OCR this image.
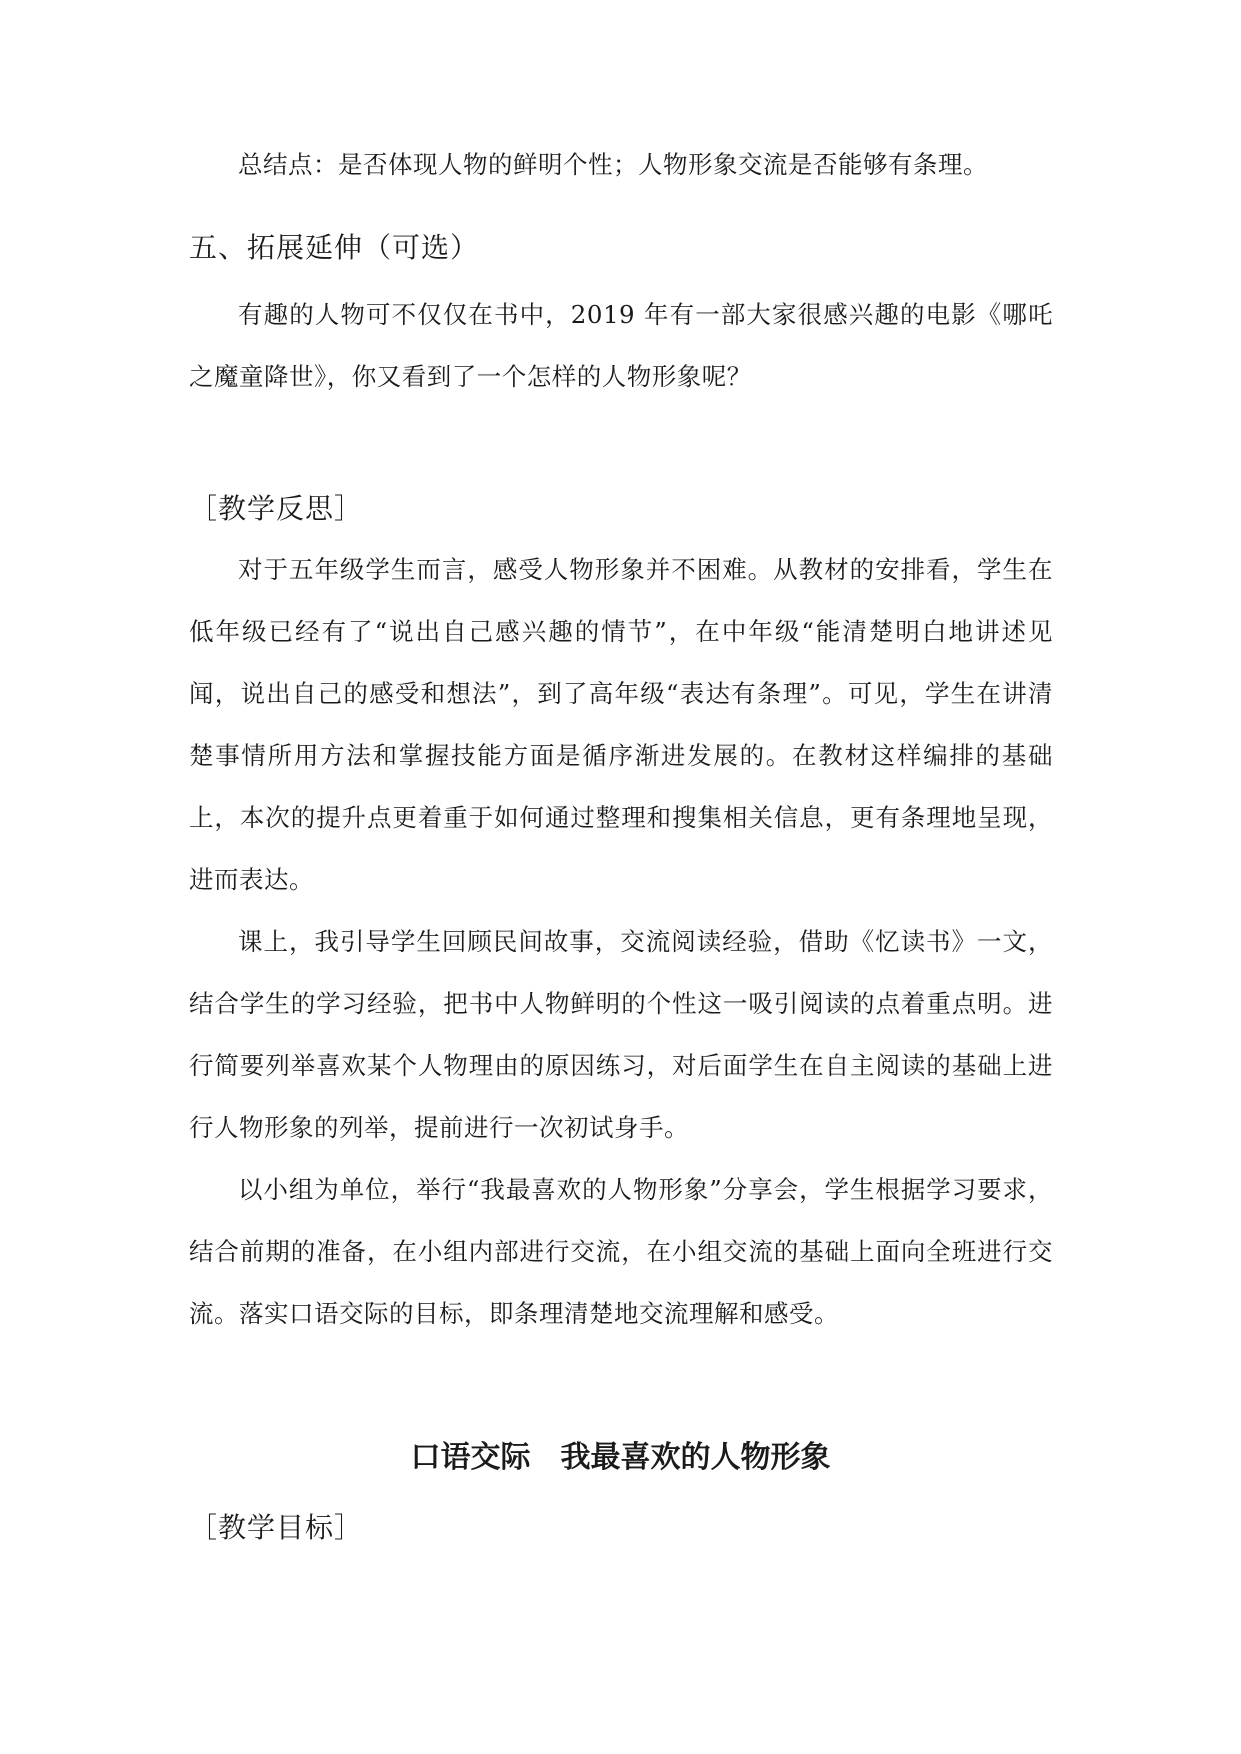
总结点：是否体现人物的鲜明个性；人物形象交流是否能够有条理。

五、拓展延伸（可选）

有趣的人物可不仅仅在书中，2019 年有一部大家很感兴趣的电影《哪吒之魔童降世》，你又看到了一个怎样的人物形象呢？

［教学反思］

对于五年级学生而言，感受人物形象并不困难。从教材的安排看，学生在低年级已经有了“说出自己感兴趣的情节”，在中年级“能清楚明白地讲述见闻，说出自己的感受和想法”，到了高年级“表达有条理”。可见，学生在讲清楚事情所用方法和掌握技能方面是循序渐进发展的。在教材这样编排的基础上，本次的提升点更着重于如何通过整理和搜集相关信息，更有条理地呈现，进而表达。

课上，我引导学生回顾民间故事，交流阅读经验，借助《忆读书》一文，结合学生的学习经验，把书中人物鲜明的个性这一吸引阅读的点着重点明。进行简要列举喜欢某个人物理由的原因练习，对后面学生在自主阅读的基础上进行人物形象的列举，提前进行一次初试身手。

以小组为单位，举行“我最喜欢的人物形象”分享会，学生根据学习要求，结合前期的准备，在小组内部进行交流，在小组交流的基础上面向全班进行交流。落实口语交际的目标，即条理清楚地交流理解和感受。

口语交际　我最喜欢的人物形象
［教学目标］
